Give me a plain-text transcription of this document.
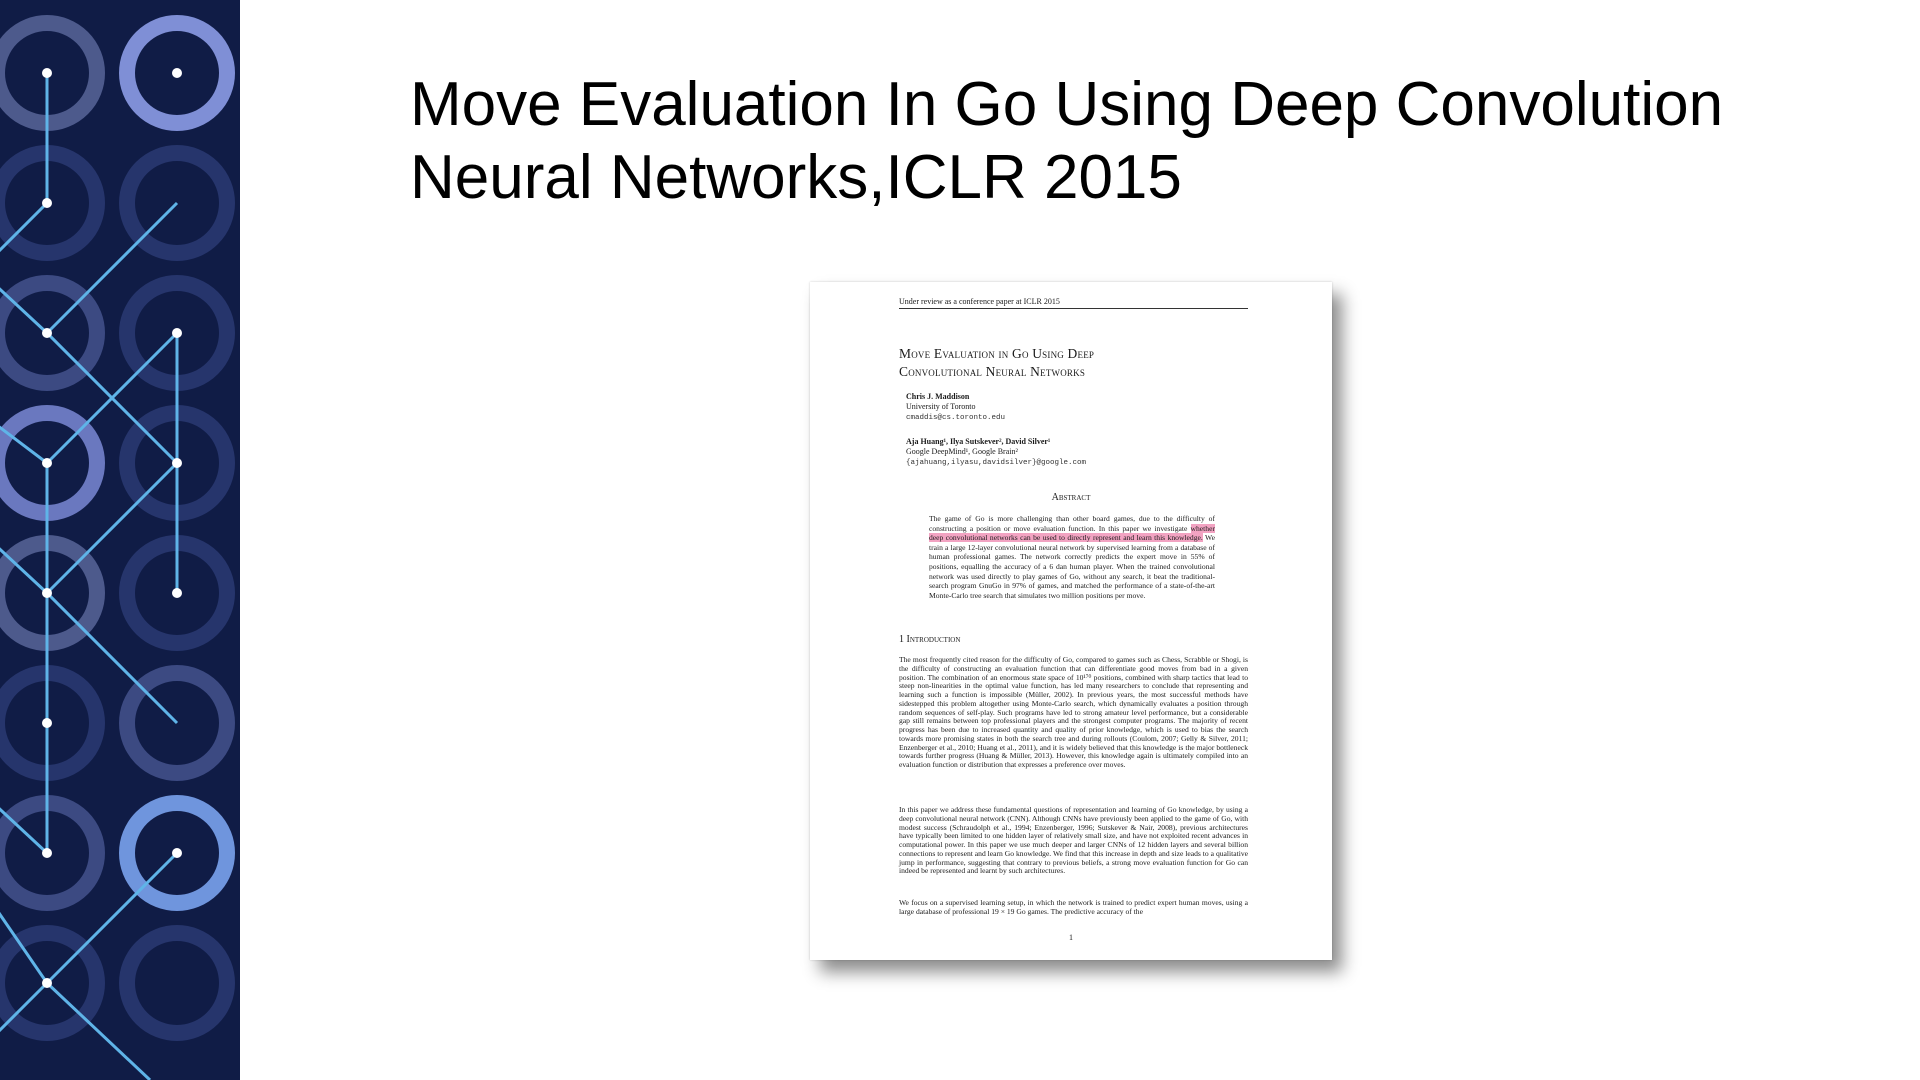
Move Evaluation In Go Using Deep Convolution
Neural Networks,ICLR 2015
Under review as a conference paper at ICLR 2015
Move Evaluation in Go Using Deep
Convolutional Neural Networks
Chris J. Maddison
University of Toronto
cmaddis@cs.toronto.edu
Aja Huang¹, Ilya Sutskever², David Silver¹
Google DeepMind¹, Google Brain²
{ajahuang,ilyasu,davidsilver}@google.com
Abstract
The game of Go is more challenging than other board games, due to the difficulty of constructing a position or move evaluation function. In this paper we investigate whether deep convolutional networks can be used to directly represent and learn this knowledge. We train a large 12-layer convolutional neural network by supervised learning from a database of human professional games. The network correctly predicts the expert move in 55% of positions, equalling the accuracy of a 6 dan human player. When the trained convolutional network was used directly to play games of Go, without any search, it beat the traditional-search program GnuGo in 97% of games, and matched the performance of a state-of-the-art Monte-Carlo tree search that simulates two million positions per move.
1 Introduction

The most frequently cited reason for the difficulty of Go, compared to games such as Chess, Scrabble or Shogi, is the difficulty of constructing an evaluation function that can differentiate good moves from bad in a given position. The combination of an enormous state space of 10¹⁷⁰ positions, combined with sharp tactics that lead to steep non-linearities in the optimal value function, has led many researchers to conclude that representing and learning such a function is impossible (Müller, 2002). In previous years, the most successful methods have sidestepped this problem altogether using Monte-Carlo search, which dynamically evaluates a position through random sequences of self-play. Such programs have led to strong amateur level performance, but a considerable gap still remains between top professional players and the strongest computer programs. The majority of recent progress has been due to increased quantity and quality of prior knowledge, which is used to bias the search towards more promising states in both the search tree and during rollouts (Coulom, 2007; Gelly & Silver, 2011; Enzenberger et al., 2010; Huang et al., 2011), and it is widely believed that this knowledge is the major bottleneck towards further progress (Huang & Müller, 2013). However, this knowledge again is ultimately compiled into an evaluation function or distribution that expresses a preference over moves.

In this paper we address these fundamental questions of representation and learning of Go knowledge, by using a deep convolutional neural network (CNN). Although CNNs have previously been applied to the game of Go, with modest success (Schraudolph et al., 1994; Enzenberger, 1996; Sutskever & Nair, 2008), previous architectures have typically been limited to one hidden layer of relatively small size, and have not exploited recent advances in computational power. In this paper we use much deeper and larger CNNs of 12 hidden layers and several billion connections to represent and learn Go knowledge. We find that this increase in depth and size leads to a qualitative jump in performance, suggesting that contrary to previous beliefs, a strong move evaluation function for Go can indeed be represented and learnt by such architectures.

We focus on a supervised learning setup, in which the network is trained to predict expert human moves, using a large database of professional 19 × 19 Go games. The predictive accuracy of the

1
